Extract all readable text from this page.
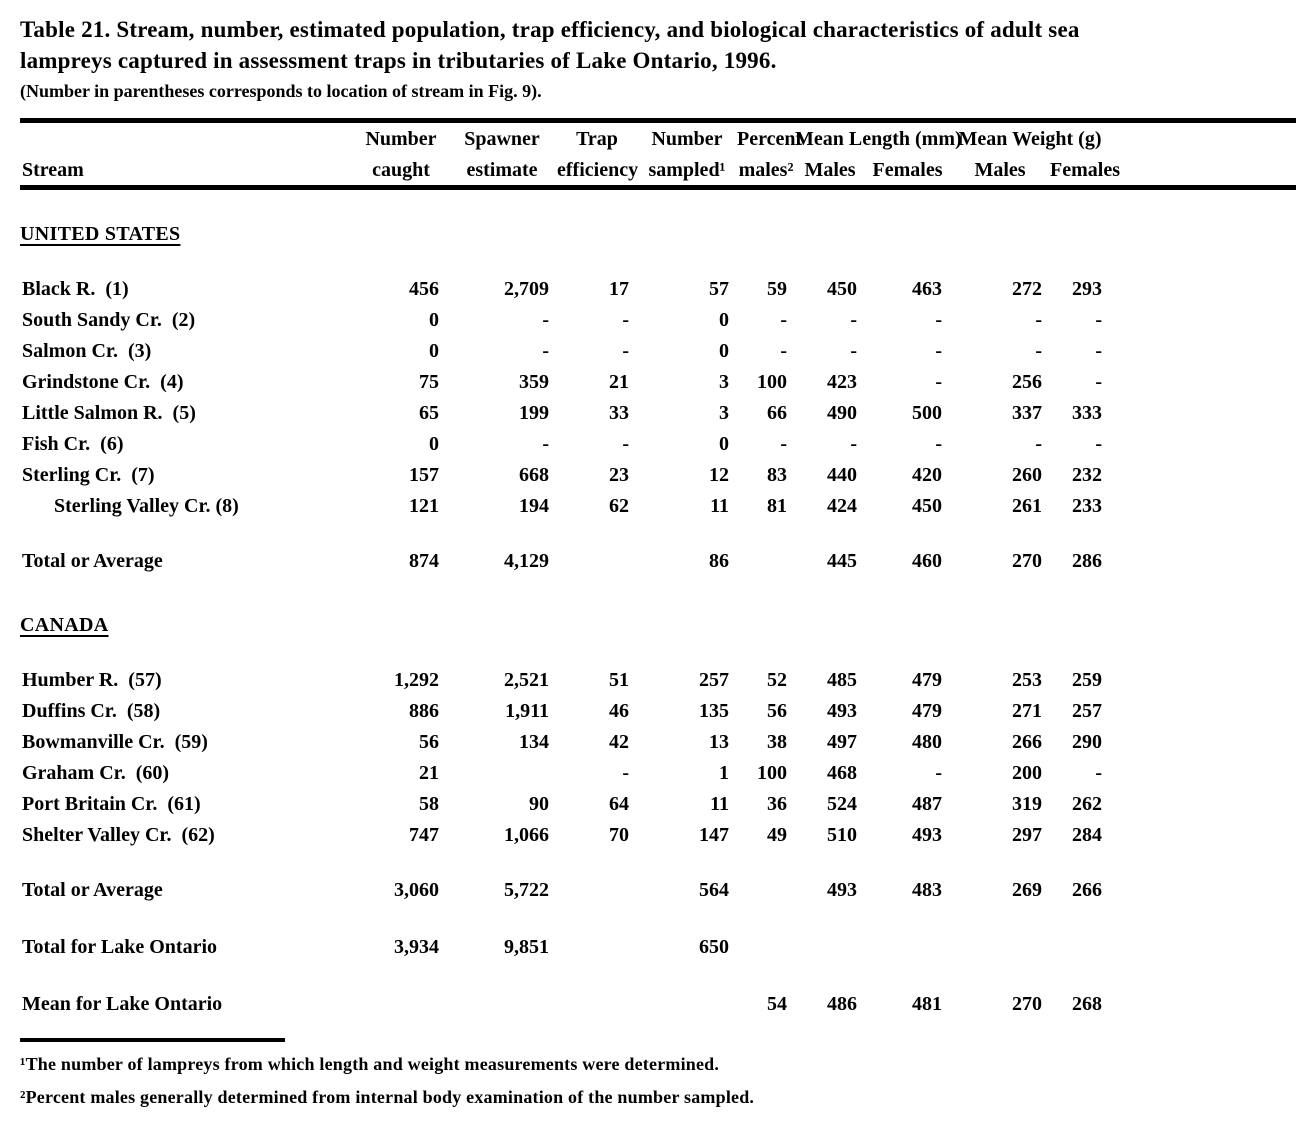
Table 21. Stream, number, estimated population, trap efficiency, and biological characteristics of adult sea
lampreys captured in assessment traps in tributaries of Lake Ontario, 1996.
(Number in parentheses corresponds to location of stream in Fig. 9).
Stream	Number	Spawner	Trap	Number	Percent	Mean Length (mm)		Mean Weight (g)		
	caught	estimate	efficiency	sampled¹	males²	Males	Females	Males	Females	

UNITED STATES										

Black R.  (1)	456	2,709	17	57	59	450	463	272	293	
South Sandy Cr.  (2)	0	-	-	0	-	-	-	-	-	
Salmon Cr.  (3)	0	-	-	0	-	-	-	-	-	
Grindstone Cr.  (4)	75	359	21	3	100	423	-	256	-	
Little Salmon R.  (5)	65	199	33	3	66	490	500	337	333	
Fish Cr.  (6)	0	-	-	0	-	-	-	-	-	
Sterling Cr.  (7)	157	668	23	12	83	440	420	260	232	
Sterling Valley Cr. (8)	121	194	62	11	81	424	450	261	233	

Total or Average	874	4,129		86		445	460	270	286	

CANADA										

Humber R.  (57)	1,292	2,521	51	257	52	485	479	253	259	
Duffins Cr.  (58)	886	1,911	46	135	56	493	479	271	257	
Bowmanville Cr.  (59)	56	134	42	13	38	497	480	266	290	
Graham Cr.  (60)	21		-	1	100	468	-	200	-	
Port Britain Cr.  (61)	58	90	64	11	36	524	487	319	262	
Shelter Valley Cr.  (62)	747	1,066	70	147	49	510	493	297	284	

Total or Average	3,060	5,722		564		493	483	269	266	

Total for Lake Ontario	3,934	9,851		650						

Mean for Lake Ontario					54	486	481	270	268	
¹The number of lampreys from which length and weight measurements were determined.
²Percent males generally determined from internal body examination of the number sampled.
